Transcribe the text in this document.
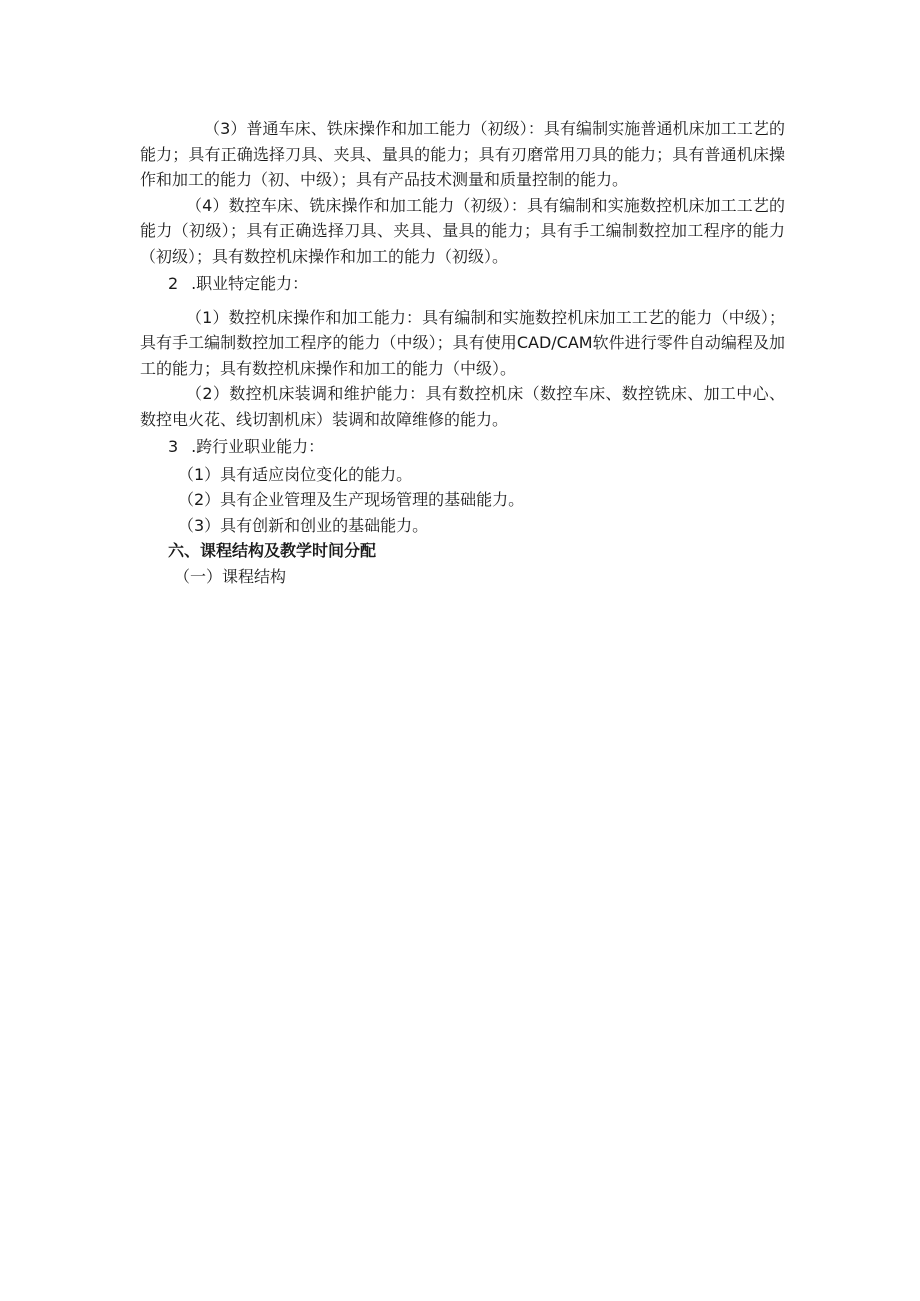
（3）普通车床、铁床操作和加工能力（初级）：具有编制实施普通机床加工工艺的能力；具有正确选择刀具、夹具、量具的能力；具有刃磨常用刀具的能力；具有普通机床操作和加工的能力（初、中级）；具有产品技术测量和质量控制的能力。

（4）数控车床、铣床操作和加工能力（初级）：具有编制和实施数控机床加工工艺的能力（初级）；具有正确选择刀具、夹具、量具的能力；具有手工编制数控加工程序的能力（初级）；具有数控机床操作和加工的能力（初级）。

2 .职业特定能力：

（1）数控机床操作和加工能力：具有编制和实施数控机床加工工艺的能力（中级）；具有手工编制数控加工程序的能力（中级）；具有使用CAD/CAM软件进行零件自动编程及加工的能力；具有数控机床操作和加工的能力（中级）。

（2）数控机床装调和维护能力：具有数控机床（数控车床、数控铣床、加工中心、数控电火花、线切割机床）装调和故障维修的能力。

3 .跨行业职业能力：

（1）具有适应岗位变化的能力。

（2）具有企业管理及生产现场管理的基础能力。

（3）具有创新和创业的基础能力。

六、课程结构及教学时间分配

（一）课程结构
